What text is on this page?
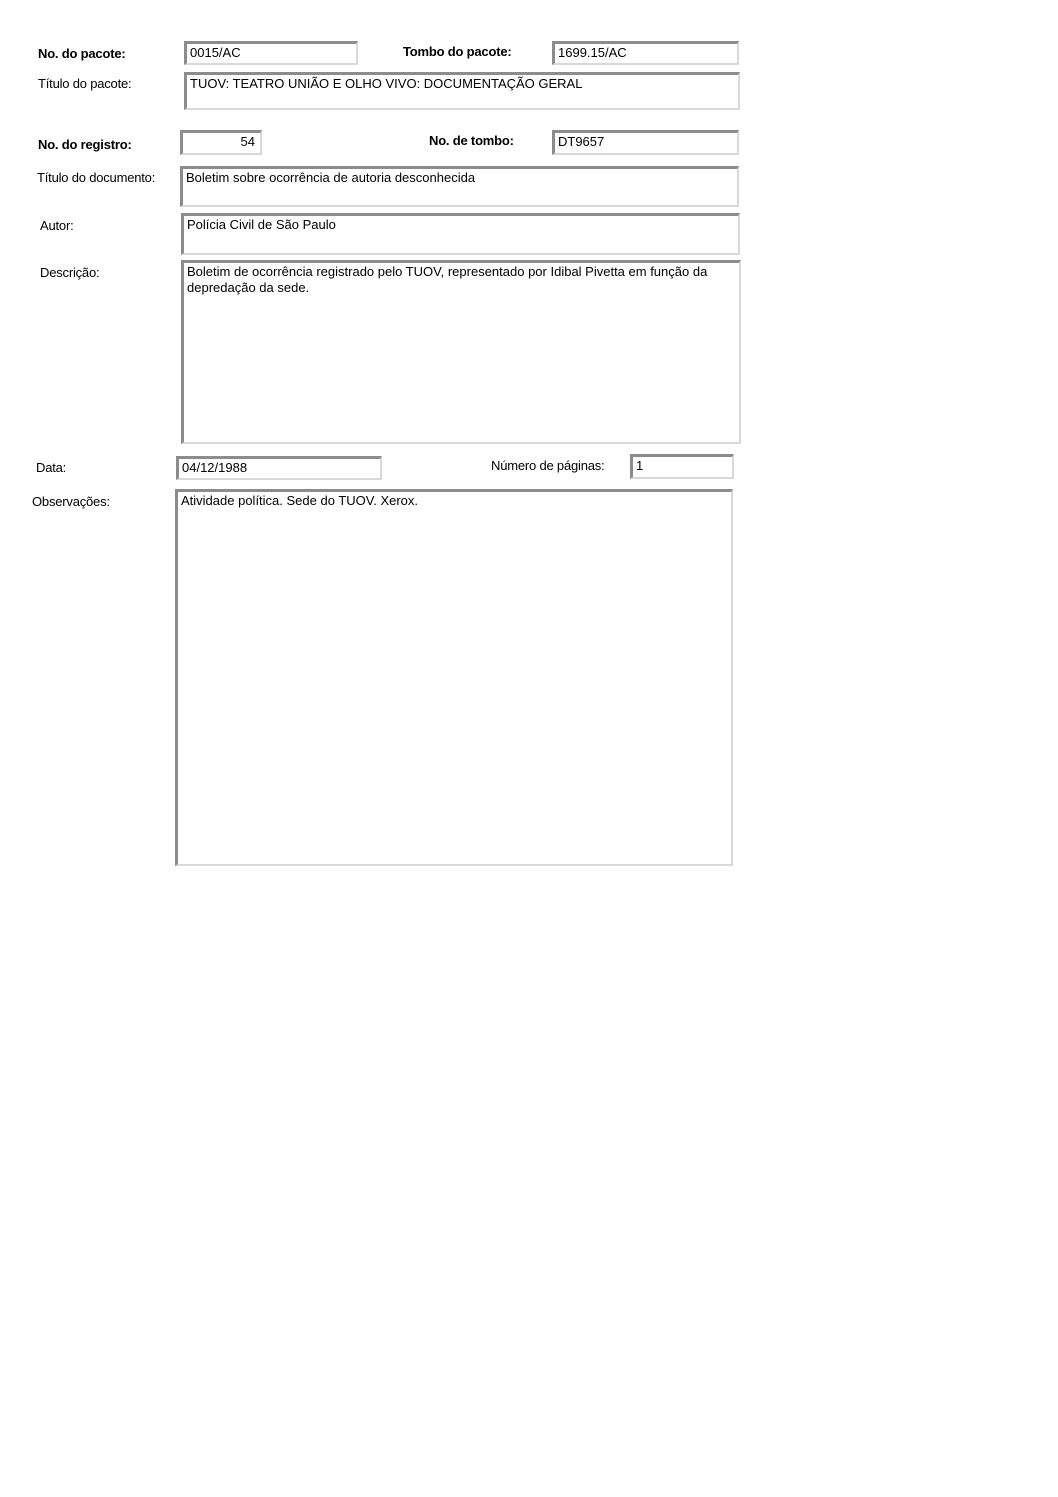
No. do pacote:	0015/AC	Tombo do pacote:	1699.15/AC
Título do pacote:	TUOV: TEATRO UNIÃO E OLHO VIVO: DOCUMENTAÇÃO GERAL
No. do registro:	54	No. de tombo:	DT9657
Título do documento:	Boletim sobre ocorrência de autoria desconhecida
Autor:	Polícia Civil de São Paulo
Descrição:	Boletim de ocorrência registrado pelo TUOV, representado por Idibal Pivetta em função da depredação da sede.
Data:	04/12/1988	Número de páginas:	1
Observações:	Atividade política. Sede do TUOV. Xerox.
